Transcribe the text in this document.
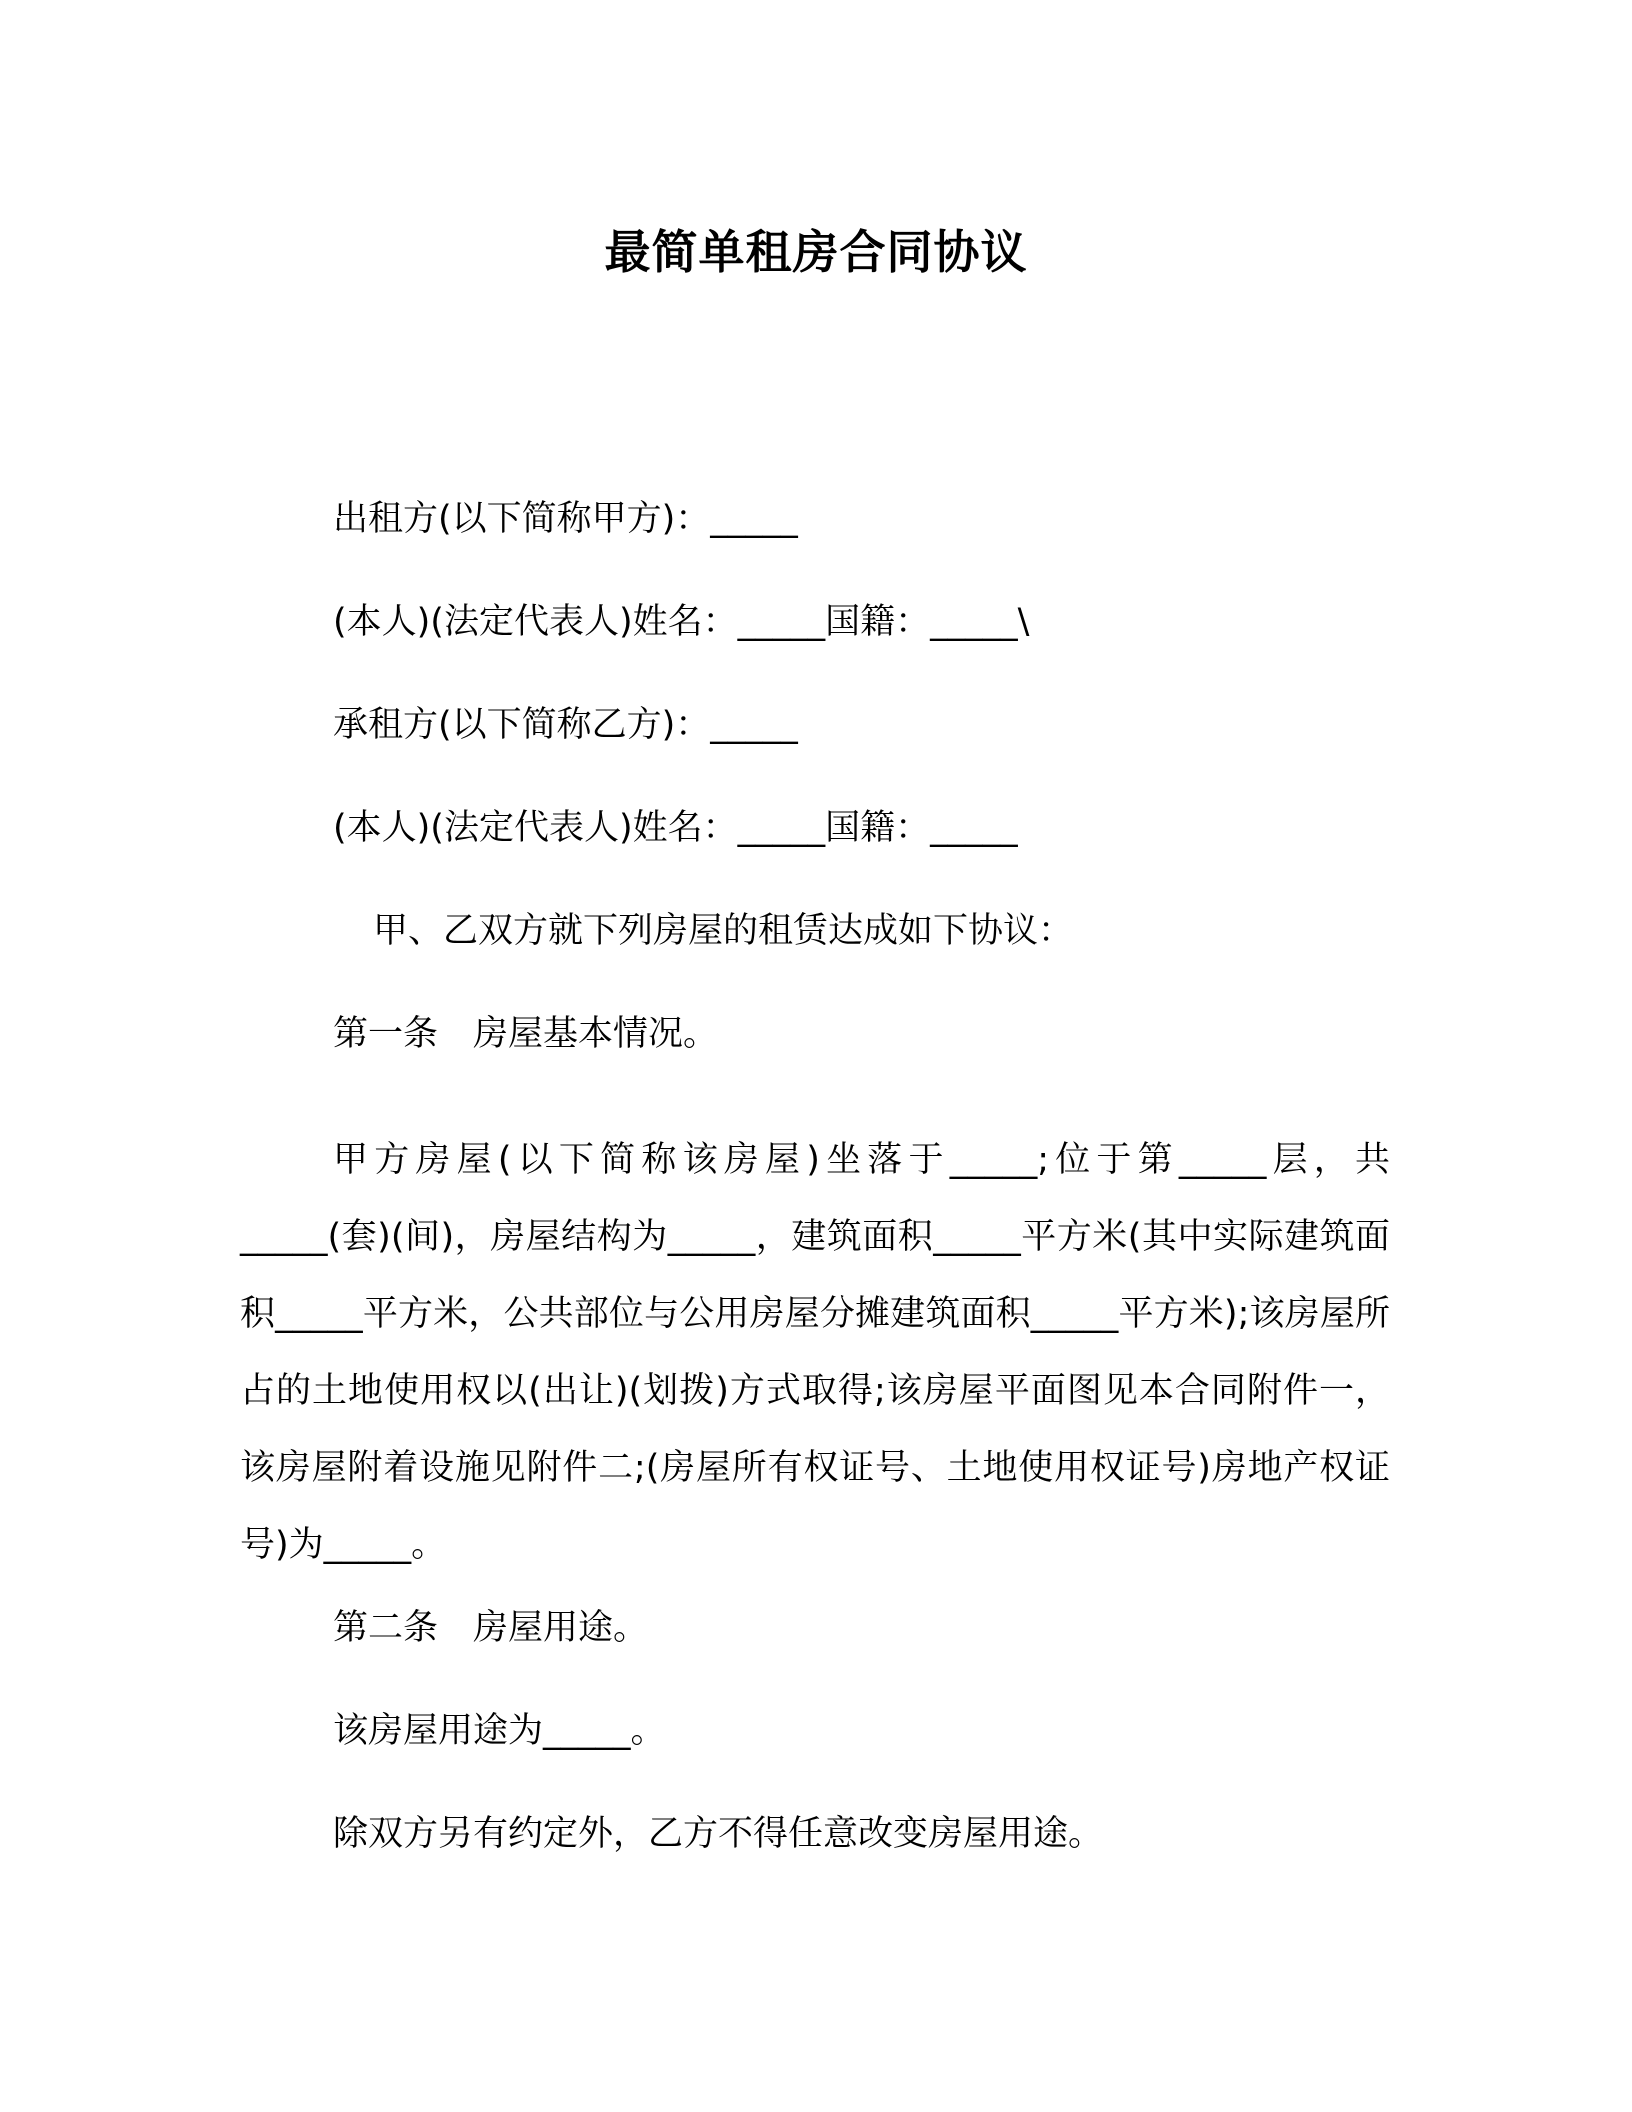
最简单租房合同协议
出租方(以下简称甲方)：_____
(本人)(法定代表人)姓名：_____国籍：_____\
承租方(以下简称乙方)：_____
(本人)(法定代表人)姓名：_____国籍：_____
甲、乙双方就下列房屋的租赁达成如下协议：
第一条　房屋基本情况。

甲方房屋(以下简称该房屋)坐落于_____;位于第_____层，共_____(套)(间)，房屋结构为_____，建筑面积_____平方米(其中实际建筑面积_____平方米，公共部位与公用房屋分摊建筑面积_____平方米);该房屋所占的土地使用权以(出让)(划拨)方式取得;该房屋平面图见本合同附件一，该房屋附着设施见附件二;(房屋所有权证号、土地使用权证号)房地产权证号)为_____。

第二条　房屋用途。
该房屋用途为_____。
除双方另有约定外，乙方不得任意改变房屋用途。
